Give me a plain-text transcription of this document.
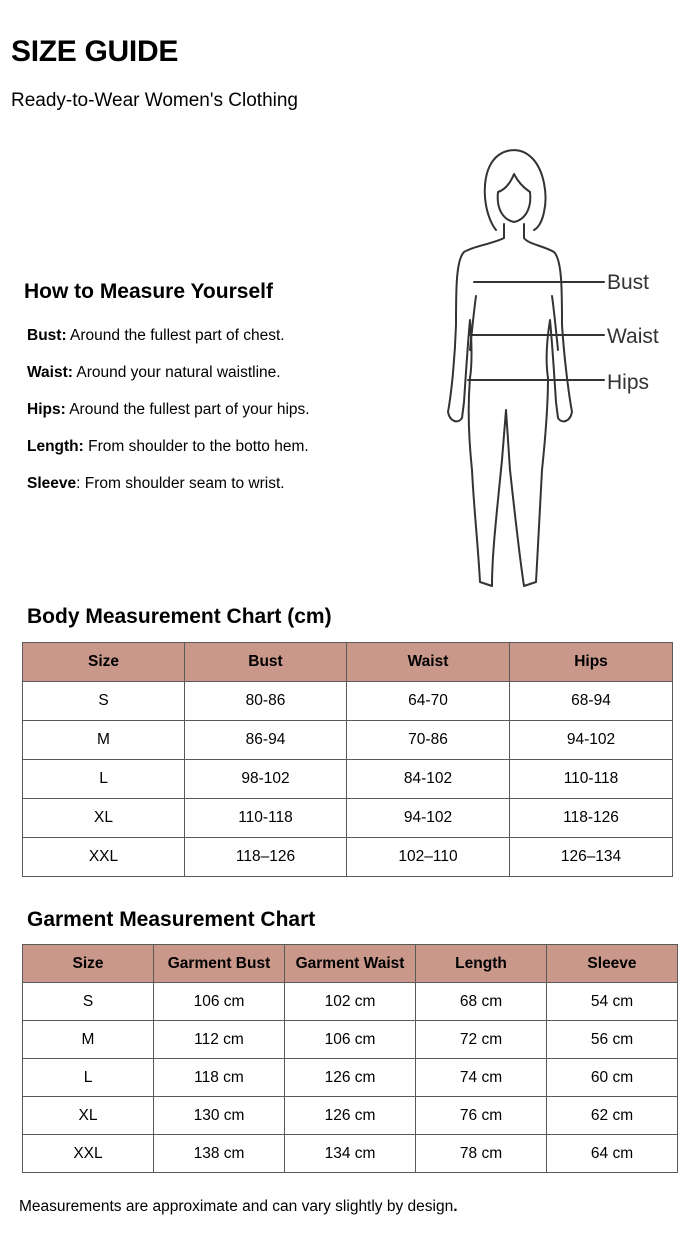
SIZE GUIDE
Ready-to-Wear Women's Clothing
How to Measure Yourself
Bust: Around the fullest part of chest.
Waist: Around your natural waistline.
Hips: Around the fullest part of your hips.
Length: From shoulder to the botto hem.
Sleeve: From shoulder seam to wrist.
Bust
Waist
Hips
Body Measurement Chart (cm)
Size	Bust	Waist	Hips
S	80-86	64-70	68-94
M	86-94	70-86	94-102
L	98-102	84-102	110-118
XL	110-118	94-102	118-126
XXL	118–126	102–110	126–134
Garment Measurement Chart
Size	Garment Bust	Garment Waist	Length	Sleeve
S	106 cm	102 cm	68 cm	54 cm
M	112 cm	106 cm	72 cm	56 cm
L	118 cm	126 cm	74 cm	60 cm
XL	130 cm	126 cm	76 cm	62 cm
XXL	138 cm	134 cm	78 cm	64 cm
Measurements are approximate and can vary slightly by design.
